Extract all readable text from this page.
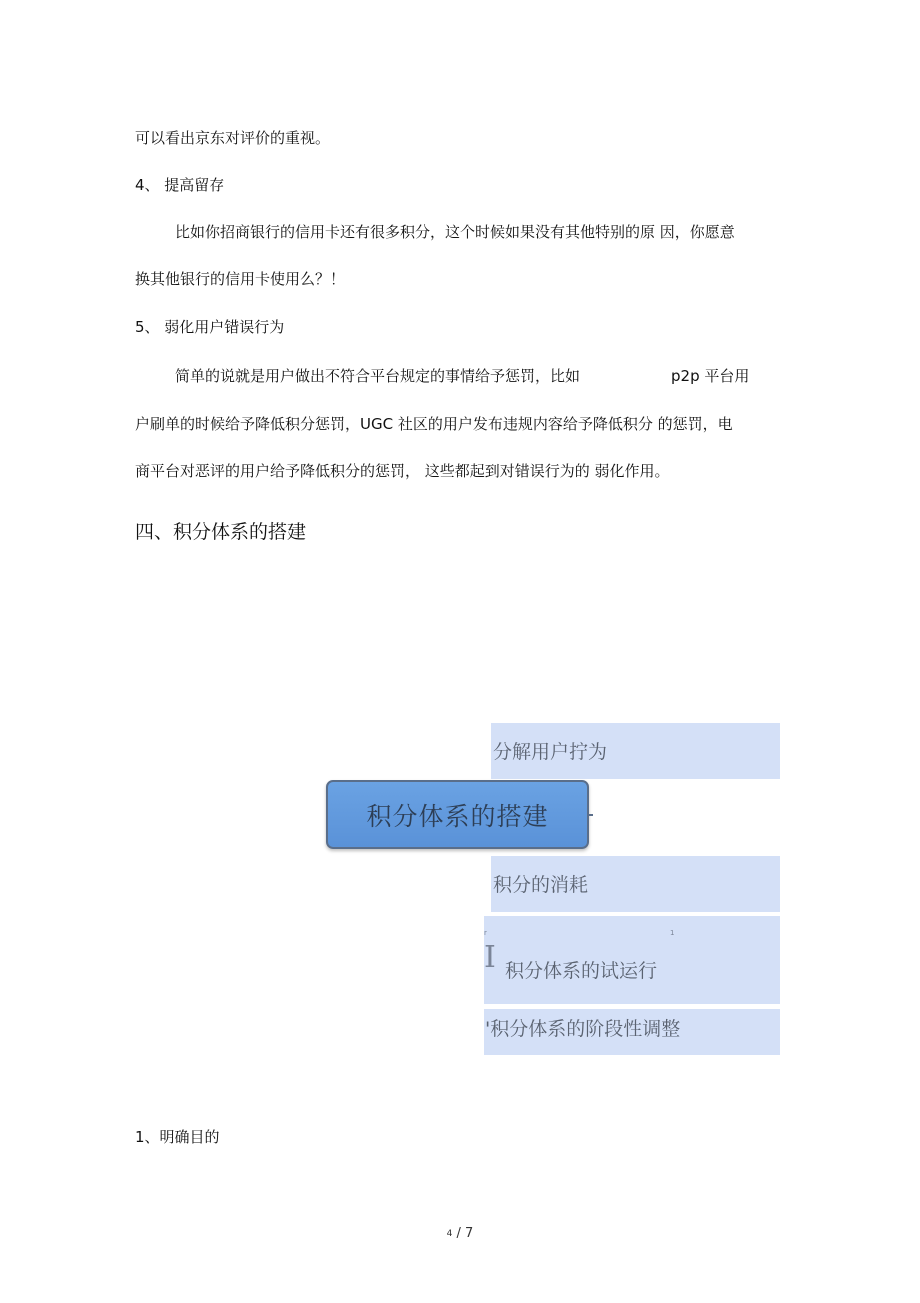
可以看出京东对评价的重视。
4、 提高留存
比如你招商银行的信用卡还有很多积分，这个时候如果没有其他特别的原 因，你愿意
换其他银行的信用卡使用么？！
5、 弱化用户错误行为
简单的说就是用户做出不符合平台规定的事情给予惩罚，比如	p2p 平台用
户刷单的时候给予降低积分惩罚，UGC 社区的用户发布违规内容给予降低积分 的惩罚，电
商平台对恶评的用户给予降低积分的惩罚， 这些都起到对错误行为的 弱化作用。
四、积分体系的搭建
分解用户拧为
积分体系的搭建
积分的消耗
r	1
I 积分体系的试运行
'积分体系的阶段性调整
1、明确目的
4 / 7
